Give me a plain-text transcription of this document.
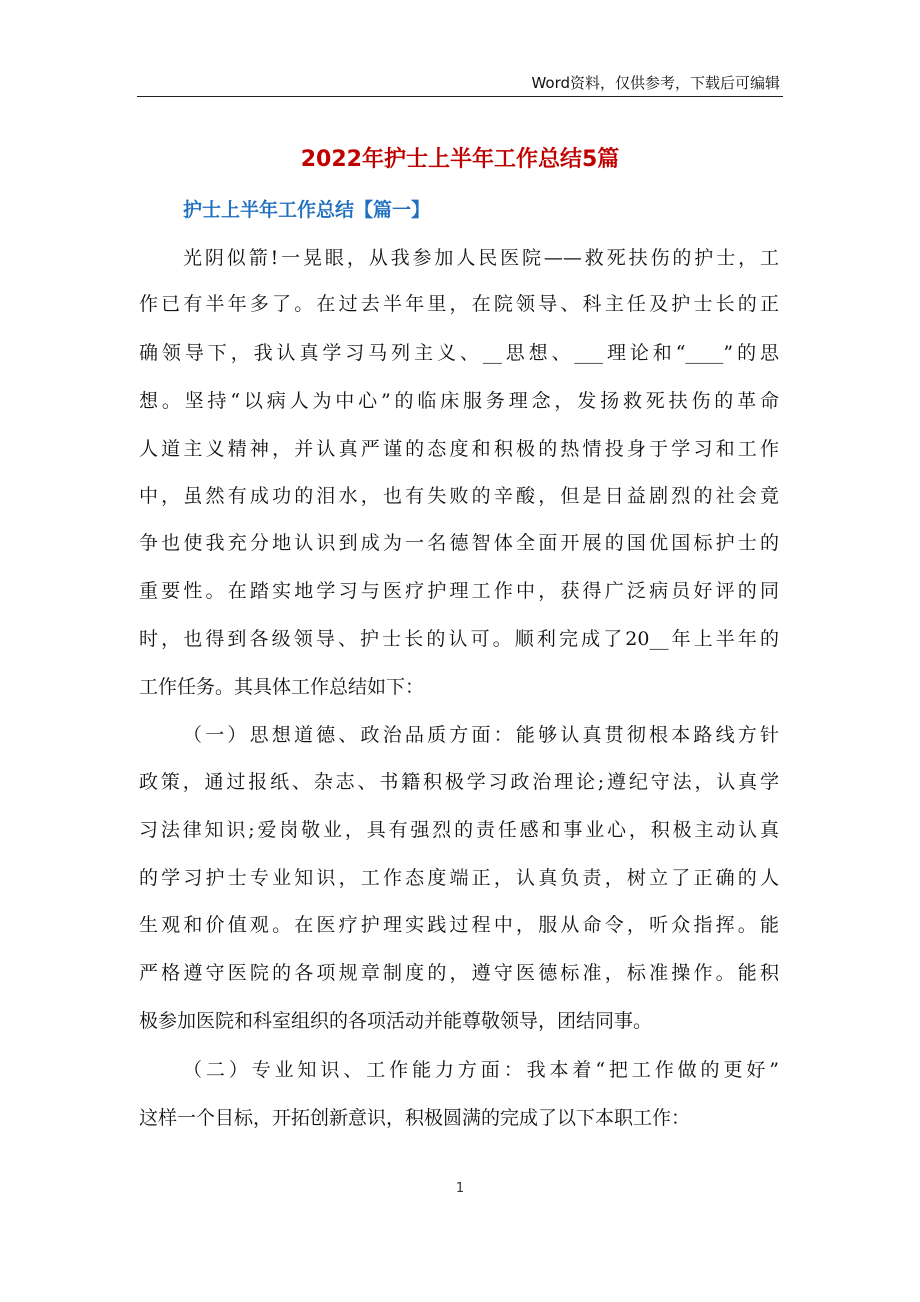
Word资料，仅供参考，下载后可编辑
2022年护士上半年工作总结5篇
护士上半年工作总结【篇一】
光阴似箭!一晃眼，从我参加人民医院——救死扶伤的护士，工
作已有半年多了。在过去半年里，在院领导、科主任及护士长的正
确领导下，我认真学习马列主义、__思想、___理论和“____”的思
想。坚持“以病人为中心”的临床服务理念，发扬救死扶伤的革命
人道主义精神，并认真严谨的态度和积极的热情投身于学习和工作
中，虽然有成功的泪水，也有失败的辛酸，但是日益剧烈的社会竟
争也使我充分地认识到成为一名德智体全面开展的国优国标护士的
重要性。在踏实地学习与医疗护理工作中，获得广泛病员好评的同
时，也得到各级领导、护士长的认可。顺利完成了20__年上半年的
工作任务。其具体工作总结如下：
（一）思想道德、政治品质方面：能够认真贯彻根本路线方针
政策，通过报纸、杂志、书籍积极学习政治理论;遵纪守法，认真学
习法律知识;爱岗敬业，具有强烈的责任感和事业心，积极主动认真
的学习护士专业知识，工作态度端正，认真负责，树立了正确的人
生观和价值观。在医疗护理实践过程中，服从命令，听众指挥。能
严格遵守医院的各项规章制度的，遵守医德标准，标准操作。能积
极参加医院和科室组织的各项活动并能尊敬领导，团结同事。
（二）专业知识、工作能力方面：我本着“把工作做的更好”
这样一个目标，开拓创新意识，积极圆满的完成了以下本职工作：
1
